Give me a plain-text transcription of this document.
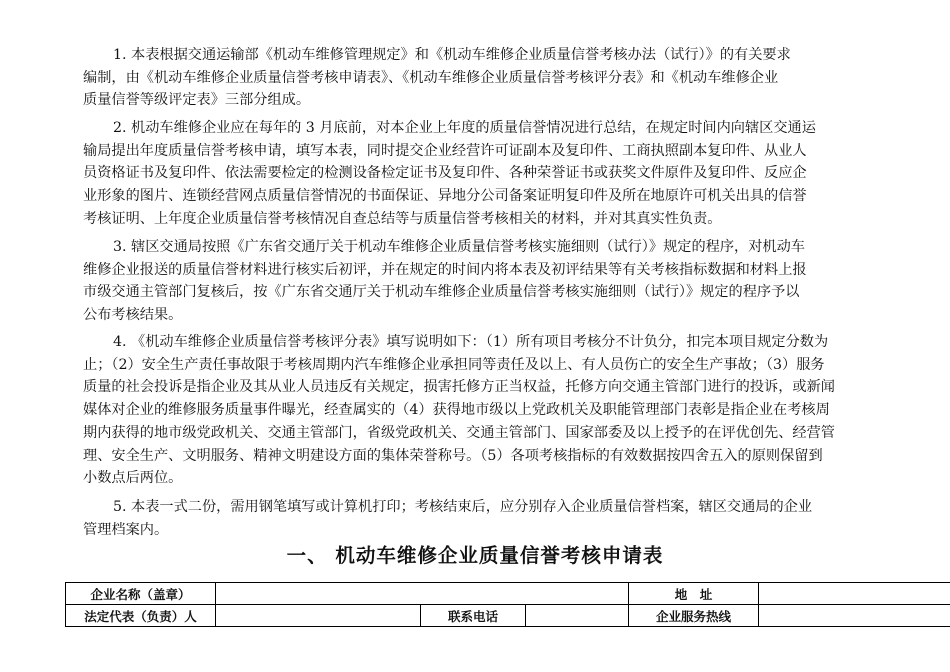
1. 本表根据交通运输部《机动车维修管理规定》和《机动车维修企业质量信誉考核办法（试行）》的有关要求
编制，由《机动车维修企业质量信誉考核申请表》、《机动车维修企业质量信誉考核评分表》和《机动车维修企业
质量信誉等级评定表》三部分组成。
2. 机动车维修企业应在每年的 3 月底前，对本企业上年度的质量信誉情况进行总结，在规定时间内向辖区交通运
输局提出年度质量信誉考核申请，填写本表，同时提交企业经营许可证副本及复印件、工商执照副本复印件、从业人
员资格证书及复印件、依法需要检定的检测设备检定证书及复印件、各种荣誉证书或获奖文件原件及复印件、反应企
业形象的图片、连锁经营网点质量信誉情况的书面保证、异地分公司备案证明复印件及所在地原许可机关出具的信誉
考核证明、上年度企业质量信誉考核情况自查总结等与质量信誉考核相关的材料，并对其真实性负责。
3. 辖区交通局按照《广东省交通厅关于机动车维修企业质量信誉考核实施细则（试行）》规定的程序，对机动车
维修企业报送的质量信誉材料进行核实后初评，并在规定的时间内将本表及初评结果等有关考核指标数据和材料上报
市级交通主管部门复核后，按《广东省交通厅关于机动车维修企业质量信誉考核实施细则（试行）》规定的程序予以
公布考核结果。
4. 《机动车维修企业质量信誉考核评分表》填写说明如下：（1）所有项目考核分不计负分，扣完本项目规定分数为
止；（2）安全生产责任事故限于考核周期内汽车维修企业承担同等责任及以上、有人员伤亡的安全生产事故；（3）服务
质量的社会投诉是指企业及其从业人员违反有关规定，损害托修方正当权益，托修方向交通主管部门进行的投诉，或新闻
媒体对企业的维修服务质量事件曝光，经查属实的（4）获得地市级以上党政机关及职能管理部门表彰是指企业在考核周
期内获得的地市级党政机关、交通主管部门，省级党政机关、交通主管部门、国家部委及以上授予的在评优创先、经营管
理、安全生产、文明服务、精神文明建设方面的集体荣誉称号。（5）各项考核指标的有效数据按四舍五入的原则保留到
小数点后两位。
5. 本表一式二份，需用钢笔填写或计算机打印；考核结束后，应分别存入企业质量信誉档案，辖区交通局的企业
管理档案内。
一、 机动车维修企业质量信誉考核申请表
企业名称（盖章）				地　址	
法定代表（负责）人		联系电话		企业服务热线	
